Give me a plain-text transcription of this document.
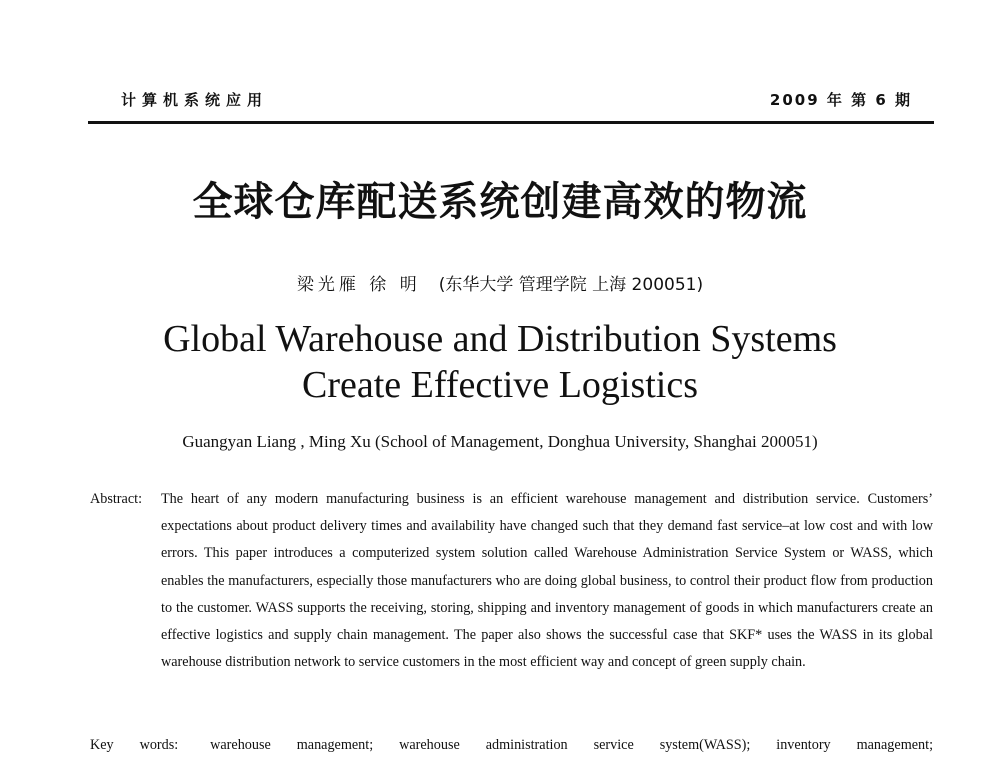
计算机系统应用	2009 年 第 6 期
全球仓库配送系统创建高效的物流
梁光雁 徐 明 (东华大学 管理学院 上海 200051)
Global Warehouse and Distribution Systems
Create Effective Logistics
Guangyan Liang , Ming Xu (School of Management, Donghua University, Shanghai 200051)
Abstract: The heart of any modern manufacturing business is an efficient warehouse management and distribution service. Customers’ expectations about product delivery times and availability have changed such that they demand fast service–at low cost and with low errors. This paper introduces a computerized system solution called Warehouse Administration Service System or WASS, which enables the manufacturers, especially those manufacturers who are doing global business, to control their product flow from production to the customer. WASS supports the receiving, storing, shipping and inventory management of goods in which manufacturers create an effective logistics and supply chain management. The paper also shows the successful case that SKF* uses the WASS in its global warehouse distribution network to service customers in the most efficient way and concept of green supply chain.
Key words: warehouse management; warehouse administration service system(WASS); inventory management;
